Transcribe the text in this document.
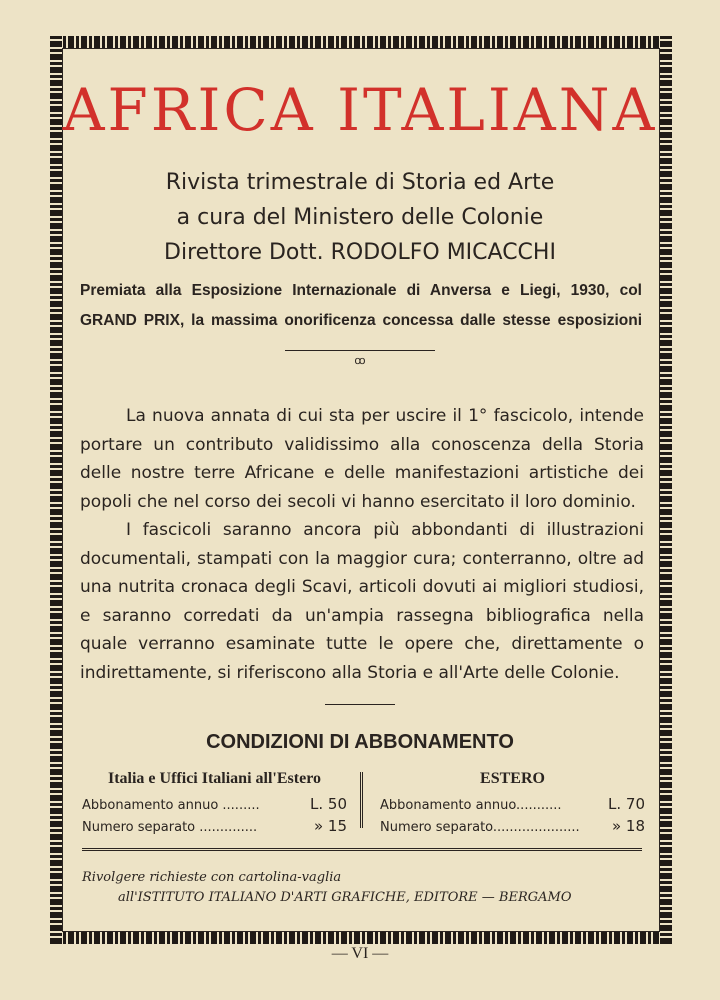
AFRICA ITALIANA
Rivista trimestrale di Storia ed Arte
a cura del Ministero delle Colonie
Direttore Dott. RODOLFO MICACCHI
Premiata alla Esposizione Internazionale di Anversa e Liegi, 1930, col
GRAND PRIX, la massima onorificenza concessa dalle stesse esposizioni
ꝏ

La nuova annata di cui sta per uscire il 1° fascicolo, intende portare un contributo validissimo alla conoscenza della Storia delle nostre terre Africane e delle manifestazioni artistiche dei popoli che nel corso dei secoli vi hanno esercitato il loro dominio.

I fascicoli saranno ancora più abbondanti di illustrazioni documentali, stampati con la maggior cura; conterranno, oltre ad una nutrita cronaca degli Scavi, articoli dovuti ai migliori studiosi, e saranno corredati da un'ampia rassegna bibliografica nella quale verranno esaminate tutte le opere che, direttamente o indirettamente, si riferiscono alla Storia e all'Arte delle Colonie.

CONDIZIONI DI ABBONAMENTO
Italia e Uffici Italiani all'Estero
Abbonamento annuo .........	L. 50
Numero separato ..............	» 15
ESTERO
Abbonamento annuo...........	L. 70
Numero separato..................... » 18
Rivolgere richieste con cartolina-vaglia
all'ISTITUTO ITALIANO D'ARTI GRAFICHE, EDITORE — BERGAMO
— VI —
